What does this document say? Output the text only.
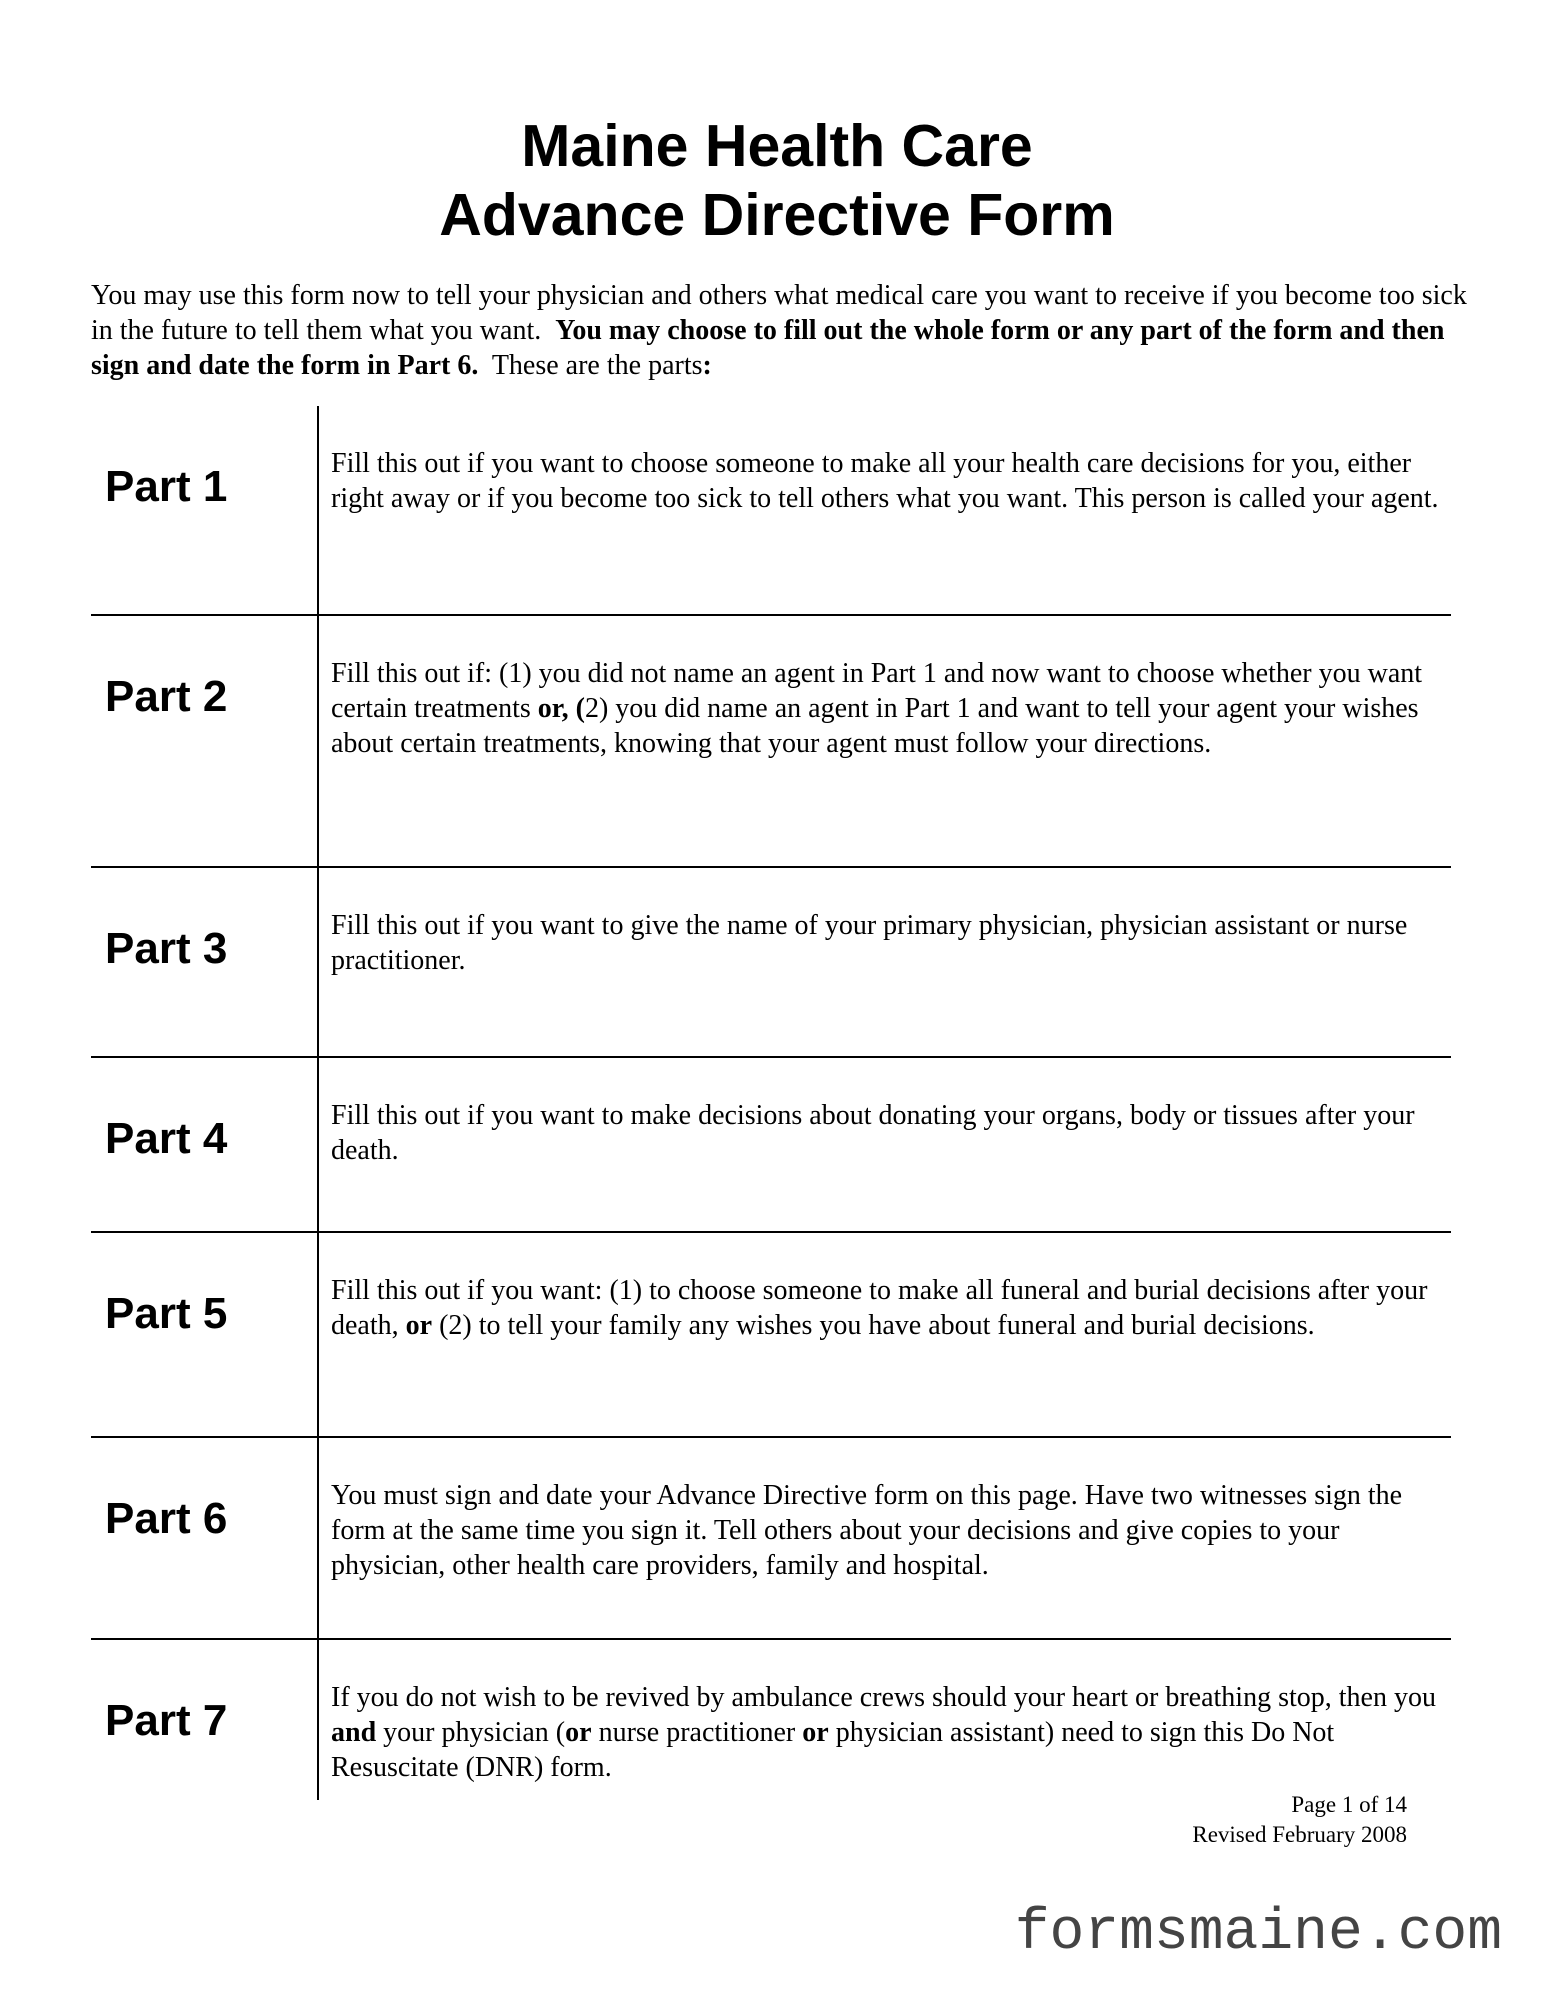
Maine Health Care
Advance Directive Form
You may use this form now to tell your physician and others what medical care you want to receive if you become too sick in the future to tell them what you want. You may choose to fill out the whole form or any part of the form and then sign and date the form in Part 6. These are the parts:
Part 1	Fill this out if you want to choose someone to make all your health care decisions for you, either right away or if you become too sick to tell others what you want. This person is called your agent.
Part 2	Fill this out if: (1) you did not name an agent in Part 1 and now want to choose whether you want certain treatments or, (2) you did name an agent in Part 1 and want to tell your agent your wishes about certain treatments, knowing that your agent must follow your directions.
Part 3	Fill this out if you want to give the name of your primary physician, physician assistant or nurse practitioner.
Part 4	Fill this out if you want to make decisions about donating your organs, body or tissues after your death.
Part 5	Fill this out if you want: (1) to choose someone to make all funeral and burial decisions after your death, or (2) to tell your family any wishes you have about funeral and burial decisions.
Part 6	You must sign and date your Advance Directive form on this page. Have two witnesses sign the form at the same time you sign it. Tell others about your decisions and give copies to your physician, other health care providers, family and hospital.
Part 7	If you do not wish to be revived by ambulance crews should your heart or breathing stop, then you and your physician (or nurse practitioner or physician assistant) need to sign this Do Not Resuscitate (DNR) form.
Page 1 of 14
Revised February 2008
formsmaine.com
